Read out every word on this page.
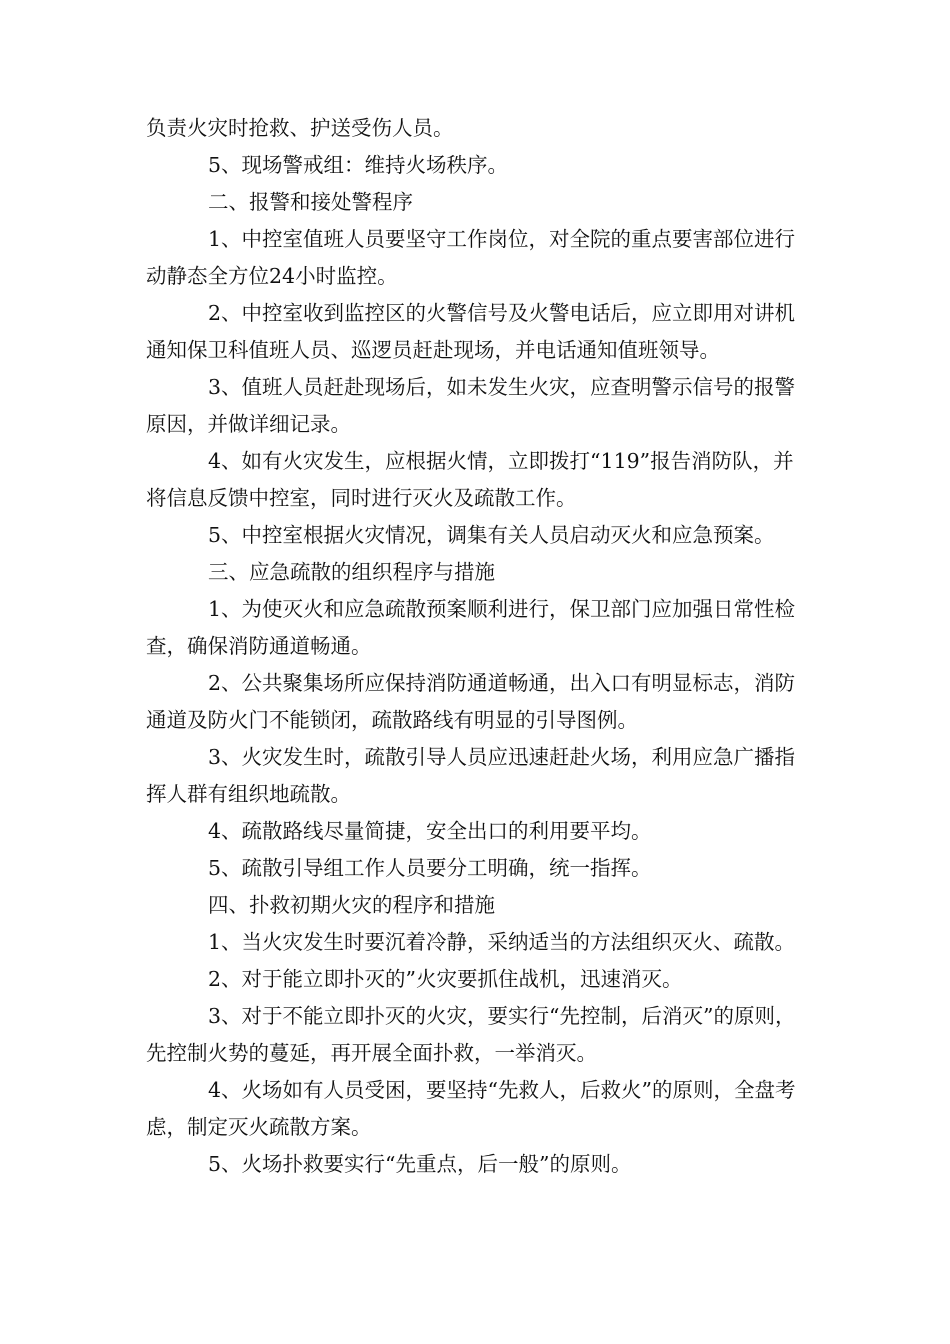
负责火灾时抢救、护送受伤人员。

5、现场警戒组：维持火场秩序。

二、报警和接处警程序

1、中控室值班人员要坚守工作岗位，对全院的重点要害部位进行动静态全方位24小时监控。

2、中控室收到监控区的火警信号及火警电话后，应立即用对讲机通知保卫科值班人员、巡逻员赶赴现场，并电话通知值班领导。

3、值班人员赶赴现场后，如未发生火灾，应查明警示信号的报警原因，并做详细记录。

4、如有火灾发生，应根据火情，立即拨打“119”报告消防队，并将信息反馈中控室，同时进行灭火及疏散工作。

5、中控室根据火灾情况，调集有关人员启动灭火和应急预案。

三、应急疏散的组织程序与措施

1、为使灭火和应急疏散预案顺利进行，保卫部门应加强日常性检查，确保消防通道畅通。

2、公共聚集场所应保持消防通道畅通，出入口有明显标志，消防通道及防火门不能锁闭，疏散路线有明显的引导图例。

3、火灾发生时，疏散引导人员应迅速赶赴火场，利用应急广播指挥人群有组织地疏散。

4、疏散路线尽量简捷，安全出口的利用要平均。

5、疏散引导组工作人员要分工明确，统一指挥。

四、扑救初期火灾的程序和措施

1、当火灾发生时要沉着冷静，采纳适当的方法组织灭火、疏散。

2、对于能立即扑灭的”火灾要抓住战机，迅速消灭。

3、对于不能立即扑灭的火灾，要实行“先控制，后消灭”的原则，先控制火势的蔓延，再开展全面扑救，一举消灭。

4、火场如有人员受困，要坚持“先救人，后救火”的原则，全盘考虑，制定灭火疏散方案。

5、火场扑救要实行“先重点，后一般”的原则。
